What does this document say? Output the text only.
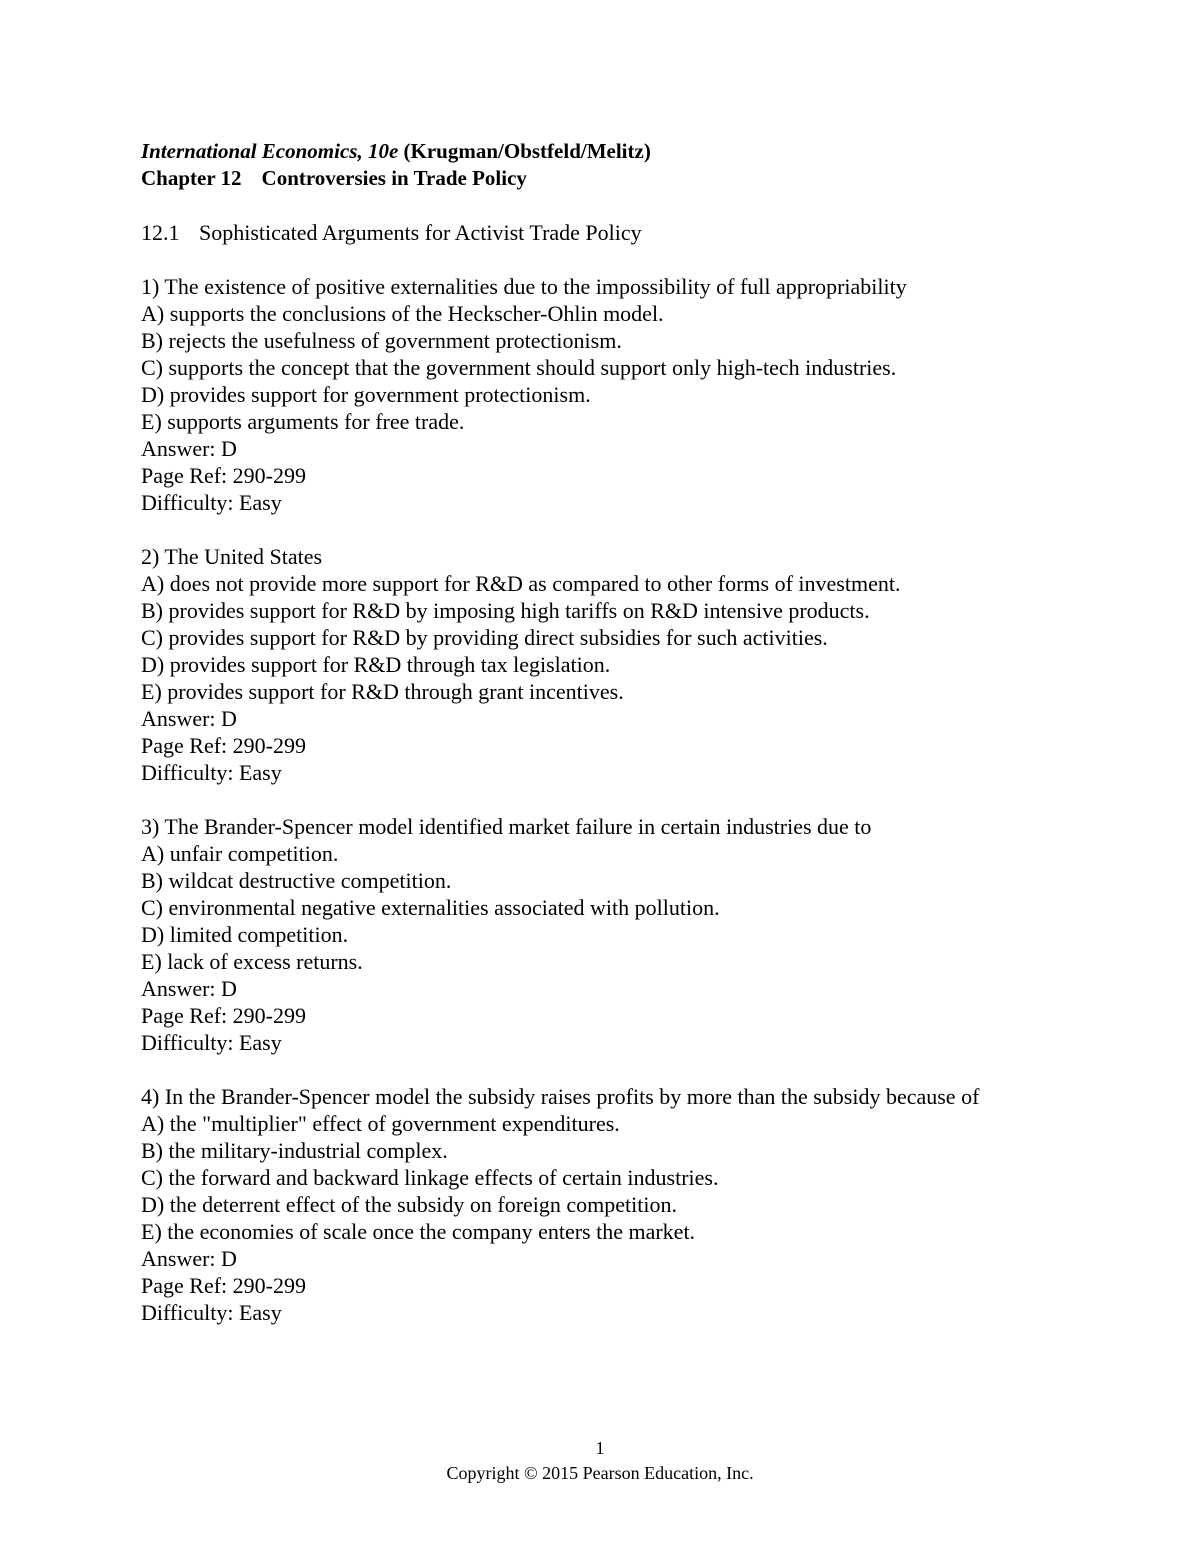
International Economics, 10e (Krugman/Obstfeld/Melitz)
Chapter 12 Controversies in Trade Policy
12.1 Sophisticated Arguments for Activist Trade Policy
1) The existence of positive externalities due to the impossibility of full appropriability
A) supports the conclusions of the Heckscher-Ohlin model.
B) rejects the usefulness of government protectionism.
C) supports the concept that the government should support only high-tech industries.
D) provides support for government protectionism.
E) supports arguments for free trade.
Answer: D
Page Ref: 290-299
Difficulty: Easy
2) The United States
A) does not provide more support for R&D as compared to other forms of investment.
B) provides support for R&D by imposing high tariffs on R&D intensive products.
C) provides support for R&D by providing direct subsidies for such activities.
D) provides support for R&D through tax legislation.
E) provides support for R&D through grant incentives.
Answer: D
Page Ref: 290-299
Difficulty: Easy
3) The Brander-Spencer model identified market failure in certain industries due to
A) unfair competition.
B) wildcat destructive competition.
C) environmental negative externalities associated with pollution.
D) limited competition.
E) lack of excess returns.
Answer: D
Page Ref: 290-299
Difficulty: Easy
4) In the Brander-Spencer model the subsidy raises profits by more than the subsidy because of
A) the "multiplier" effect of government expenditures.
B) the military-industrial complex.
C) the forward and backward linkage effects of certain industries.
D) the deterrent effect of the subsidy on foreign competition.
E) the economies of scale once the company enters the market.
Answer: D
Page Ref: 290-299
Difficulty: Easy
1
Copyright © 2015 Pearson Education, Inc.
